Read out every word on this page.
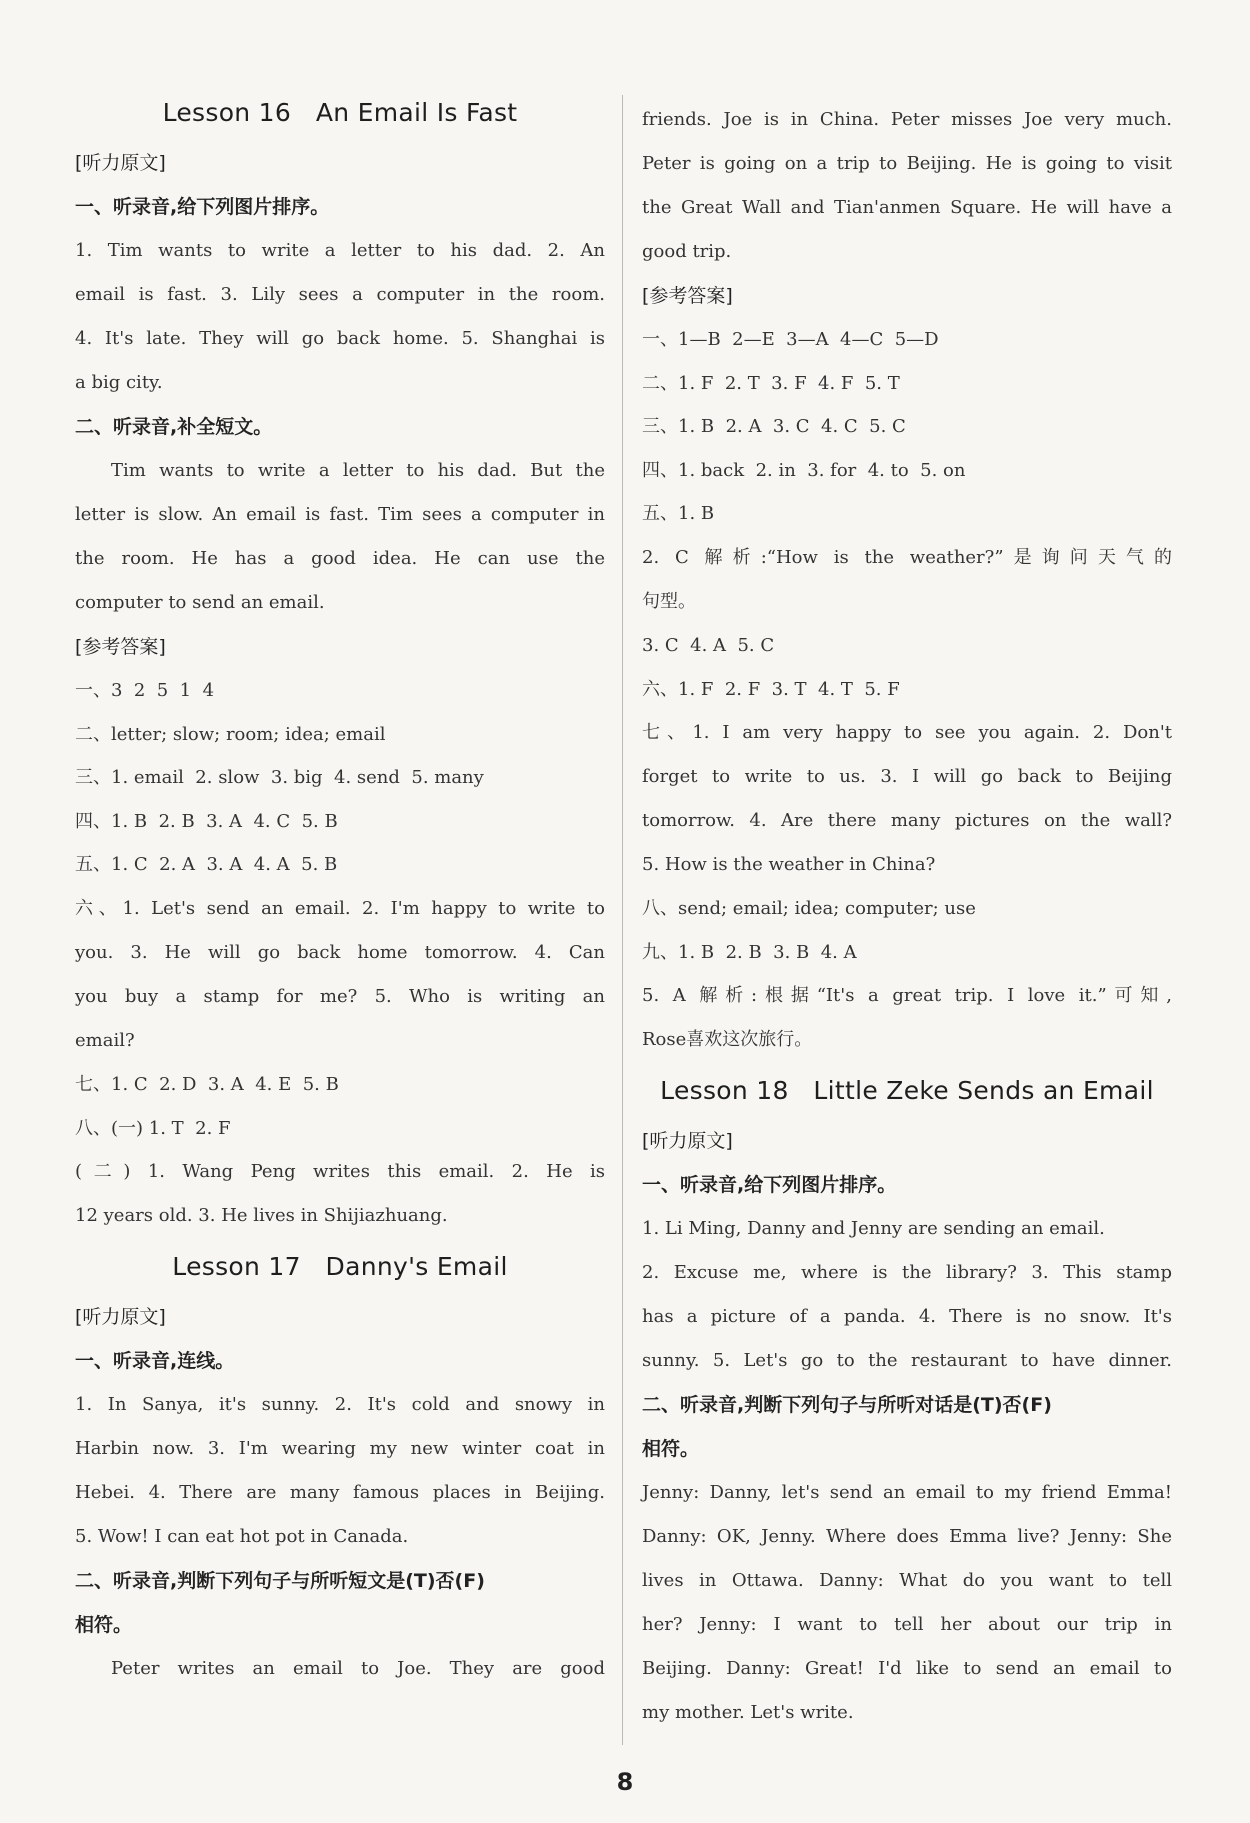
Lesson 16   An Email Is Fast
[听力原文]
一、听录音,给下列图片排序。
1. Tim wants to write a letter to his dad. 2. An
email is fast. 3. Lily sees a computer in the room.
4. It's late. They will go back home. 5. Shanghai is
a big city.
二、听录音,补全短文。
Tim wants to write a letter to his dad. But the
letter is slow. An email is fast. Tim sees a computer in
the room. He has a good idea. He can use the
computer to send an email.
[参考答案]
一、3  2  5  1  4
二、letter; slow; room; idea; email
三、1. email  2. slow  3. big  4. send  5. many
四、1. B  2. B  3. A  4. C  5. B
五、1. C  2. A  3. A  4. A  5. B
六、1. Let's send an email. 2. I'm happy to write to
you. 3. He will go back home tomorrow. 4. Can
you buy a stamp for me? 5. Who is writing an
email?
七、1. C  2. D  3. A  4. E  5. B
八、(一) 1. T  2. F
(二) 1. Wang Peng writes this email. 2. He is
12 years old. 3. He lives in Shijiazhuang.
Lesson 17   Danny's Email
[听力原文]
一、听录音,连线。
1. In Sanya, it's sunny. 2. It's cold and snowy in
Harbin now. 3. I'm wearing my new winter coat in
Hebei. 4. There are many famous places in Beijing.
5. Wow! I can eat hot pot in Canada.
二、听录音,判断下列句子与所听短文是(T)否(F)
相符。
Peter writes an email to Joe. They are good
friends. Joe is in China. Peter misses Joe very much.
Peter is going on a trip to Beijing. He is going to visit
the Great Wall and Tian'anmen Square. He will have a
good trip.
[参考答案]
一、1—B  2—E  3—A  4—C  5—D
二、1. F  2. T  3. F  4. F  5. T
三、1. B  2. A  3. C  4. C  5. C
四、1. back  2. in  3. for  4. to  5. on
五、1. B
2. C 解析:“How is the weather?”是询问天气的
句型。
3. C  4. A  5. C
六、1. F  2. F  3. T  4. T  5. F
七、1. I am very happy to see you again. 2. Don't
forget to write to us. 3. I will go back to Beijing
tomorrow. 4. Are there many pictures on the wall?
5. How is the weather in China?
八、send; email; idea; computer; use
九、1. B  2. B  3. B  4. A
5. A 解析:根据“It's a great trip. I love it.”可知,
Rose喜欢这次旅行。
Lesson 18   Little Zeke Sends an Email
[听力原文]
一、听录音,给下列图片排序。
1. Li Ming, Danny and Jenny are sending an email.
2. Excuse me, where is the library? 3. This stamp
has a picture of a panda. 4. There is no snow. It's
sunny. 5. Let's go to the restaurant to have dinner.
二、听录音,判断下列句子与所听对话是(T)否(F)
相符。
Jenny: Danny, let's send an email to my friend Emma!
Danny: OK, Jenny. Where does Emma live? Jenny: She
lives in Ottawa. Danny: What do you want to tell
her? Jenny: I want to tell her about our trip in
Beijing. Danny: Great! I'd like to send an email to
my mother. Let's write.
8
